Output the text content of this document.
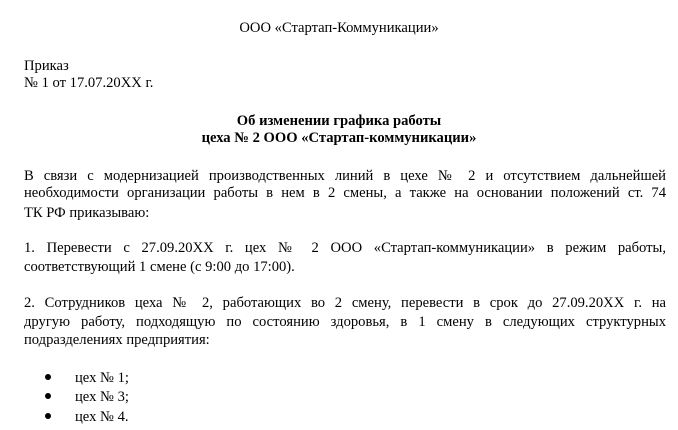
ООО «Стартап-Коммуникации»
Приказ
№ 1 от 17.07.20ХХ г.
Об изменении графика работы
цеха № 2 ООО «Стартап-коммуникации»
В связи с модернизацией производственных линий в цехе № 2 и отсутствием дальнейшей
необходимости организации работы в нем в 2 смены, а также на основании положений ст. 74
ТК РФ приказываю:
1. Перевести с 27.09.20ХХ г. цех № 2 ООО «Стартап-коммуникации» в режим работы,
соответствующий 1 смене (с 9:00 до 17:00).
2. Сотрудников цеха № 2, работающих во 2 смену, перевести в срок до 27.09.20ХХ г. на
другую работу, подходящую по состоянию здоровья, в 1 смену в следующих структурных
подразделениях предприятия:
цех № 1;
цех № 3;
цех № 4.
